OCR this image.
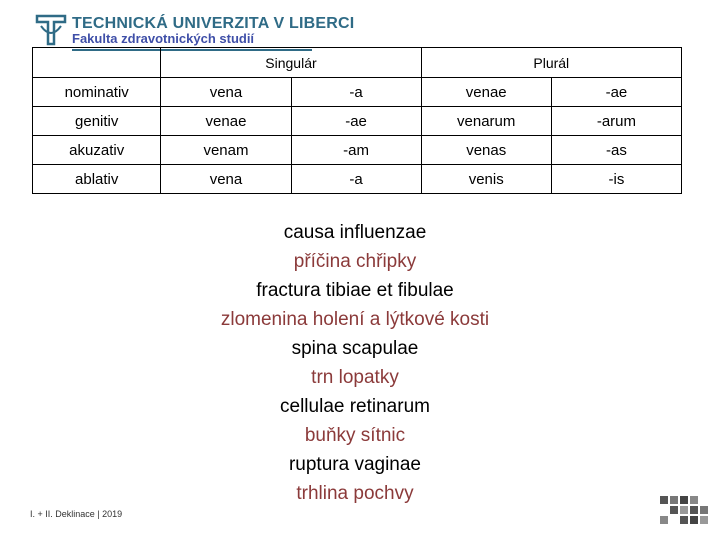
TECHNICKÁ UNIVERZITA V LIBERCI
Fakulta zdravotnických studií
	Singulár		Plurál	
nominativ	vena	-a	venae	-ae
genitiv	venae	-ae	venarum	-arum
akuzativ	venam	-am	venas	-as
ablativ	vena	-a	venis	-is
causa influenzae
příčina chřipky
fractura tibiae et fibulae
zlomenina holení a lýtkové kosti
spina scapulae
trn lopatky
cellulae retinarum
buňky sítnic
ruptura vaginae
trhlina pochvy
I. + II. Deklinace | 2019
